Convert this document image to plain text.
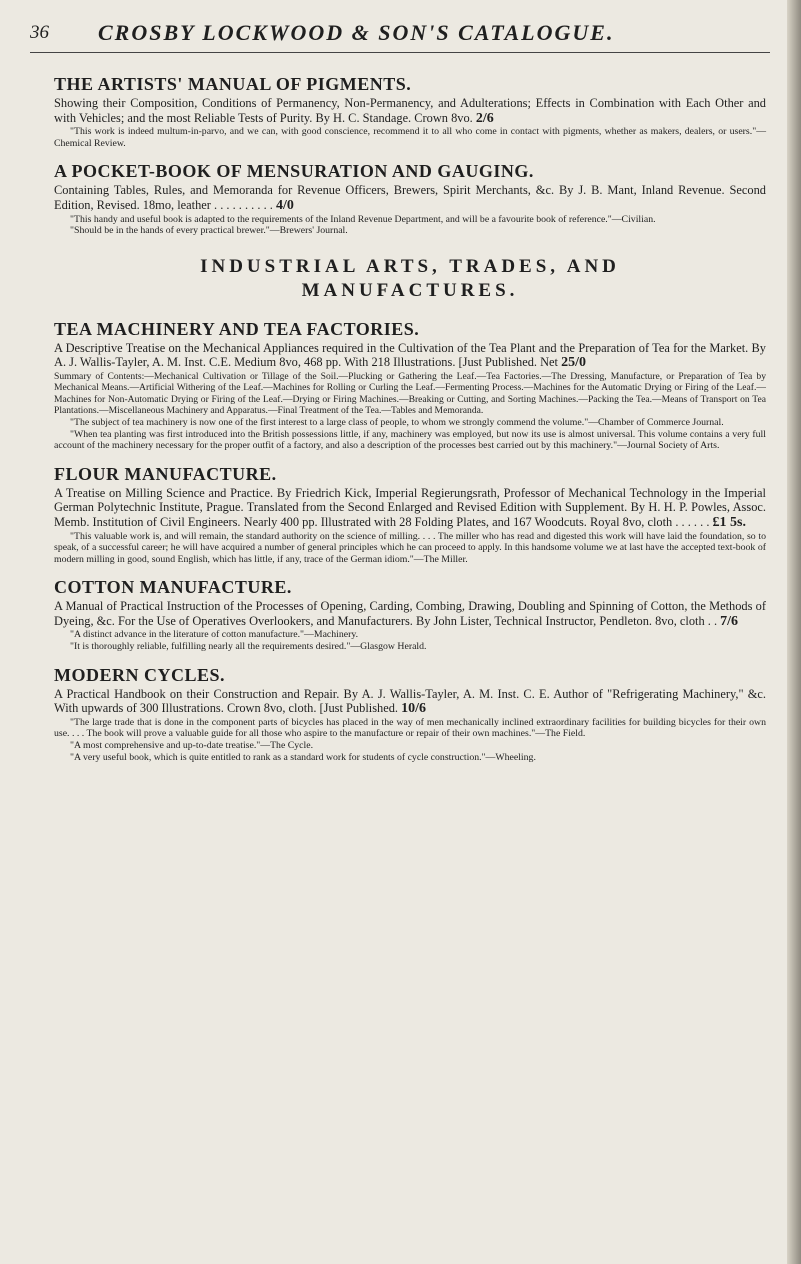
36 CROSBY LOCKWOOD & SON'S CATALOGUE.
THE ARTISTS' MANUAL OF PIGMENTS.

Showing their Composition, Conditions of Permanency, Non-Permanency, and Adulterations; Effects in Combination with Each Other and with Vehicles; and the most Reliable Tests of Purity. By H. C. Standage. Crown 8vo. 2/6

"This work is indeed multum-in-parvo, and we can, with good conscience, recommend it to all who come in contact with pigments, whether as makers, dealers, or users."—Chemical Review.

A POCKET-BOOK OF MENSURATION AND GAUGING.

Containing Tables, Rules, and Memoranda for Revenue Officers, Brewers, Spirit Merchants, &c. By J. B. Mant, Inland Revenue. Second Edition, Revised. 18mo, leather . . . . . . . . . . 4/0

"This handy and useful book is adapted to the requirements of the Inland Revenue Department, and will be a favourite book of reference."—Civilian.

"Should be in the hands of every practical brewer."—Brewers' Journal.

INDUSTRIAL ARTS, TRADES, AND
MANUFACTURES.
TEA MACHINERY AND TEA FACTORIES.

A Descriptive Treatise on the Mechanical Appliances required in the Cultivation of the Tea Plant and the Preparation of Tea for the Market. By A. J. Wallis-Tayler, A. M. Inst. C.E. Medium 8vo, 468 pp. With 218 Illustrations. [Just Published. Net 25/0

Summary of Contents:—Mechanical Cultivation or Tillage of the Soil.—Plucking or Gathering the Leaf.—Tea Factories.—The Dressing, Manufacture, or Preparation of Tea by Mechanical Means.—Artificial Withering of the Leaf.—Machines for Rolling or Curling the Leaf.—Fermenting Process.—Machines for the Automatic Drying or Firing of the Leaf.—Machines for Non-Automatic Drying or Firing of the Leaf.—Drying or Firing Machines.—Breaking or Cutting, and Sorting Machines.—Packing the Tea.—Means of Transport on Tea Plantations.—Miscellaneous Machinery and Apparatus.—Final Treatment of the Tea.—Tables and Memoranda.

"The subject of tea machinery is now one of the first interest to a large class of people, to whom we strongly commend the volume."—Chamber of Commerce Journal.

"When tea planting was first introduced into the British possessions little, if any, machinery was employed, but now its use is almost universal. This volume contains a very full account of the machinery necessary for the proper outfit of a factory, and also a description of the processes best carried out by this machinery."—Journal Society of Arts.

FLOUR MANUFACTURE.

A Treatise on Milling Science and Practice. By Friedrich Kick, Imperial Regierungsrath, Professor of Mechanical Technology in the Imperial German Polytechnic Institute, Prague. Translated from the Second Enlarged and Revised Edition with Supplement. By H. H. P. Powles, Assoc. Memb. Institution of Civil Engineers. Nearly 400 pp. Illustrated with 28 Folding Plates, and 167 Woodcuts. Royal 8vo, cloth . . . . . . £1 5s.

"This valuable work is, and will remain, the standard authority on the science of milling. . . . The miller who has read and digested this work will have laid the foundation, so to speak, of a successful career; he will have acquired a number of general principles which he can proceed to apply. In this handsome volume we at last have the accepted text-book of modern milling in good, sound English, which has little, if any, trace of the German idiom."—The Miller.

COTTON MANUFACTURE.

A Manual of Practical Instruction of the Processes of Opening, Carding, Combing, Drawing, Doubling and Spinning of Cotton, the Methods of Dyeing, &c. For the Use of Operatives Overlookers, and Manufacturers. By John Lister, Technical Instructor, Pendleton. 8vo, cloth . . 7/6

"A distinct advance in the literature of cotton manufacture."—Machinery.

"It is thoroughly reliable, fulfilling nearly all the requirements desired."—Glasgow Herald.

MODERN CYCLES.

A Practical Handbook on their Construction and Repair. By A. J. Wallis-Tayler, A. M. Inst. C. E. Author of "Refrigerating Machinery," &c. With upwards of 300 Illustrations. Crown 8vo, cloth. [Just Published. 10/6

"The large trade that is done in the component parts of bicycles has placed in the way of men mechanically inclined extraordinary facilities for building bicycles for their own use. . . . The book will prove a valuable guide for all those who aspire to the manufacture or repair of their own machines."—The Field.

"A most comprehensive and up-to-date treatise."—The Cycle.

"A very useful book, which is quite entitled to rank as a standard work for students of cycle construction."—Wheeling.
